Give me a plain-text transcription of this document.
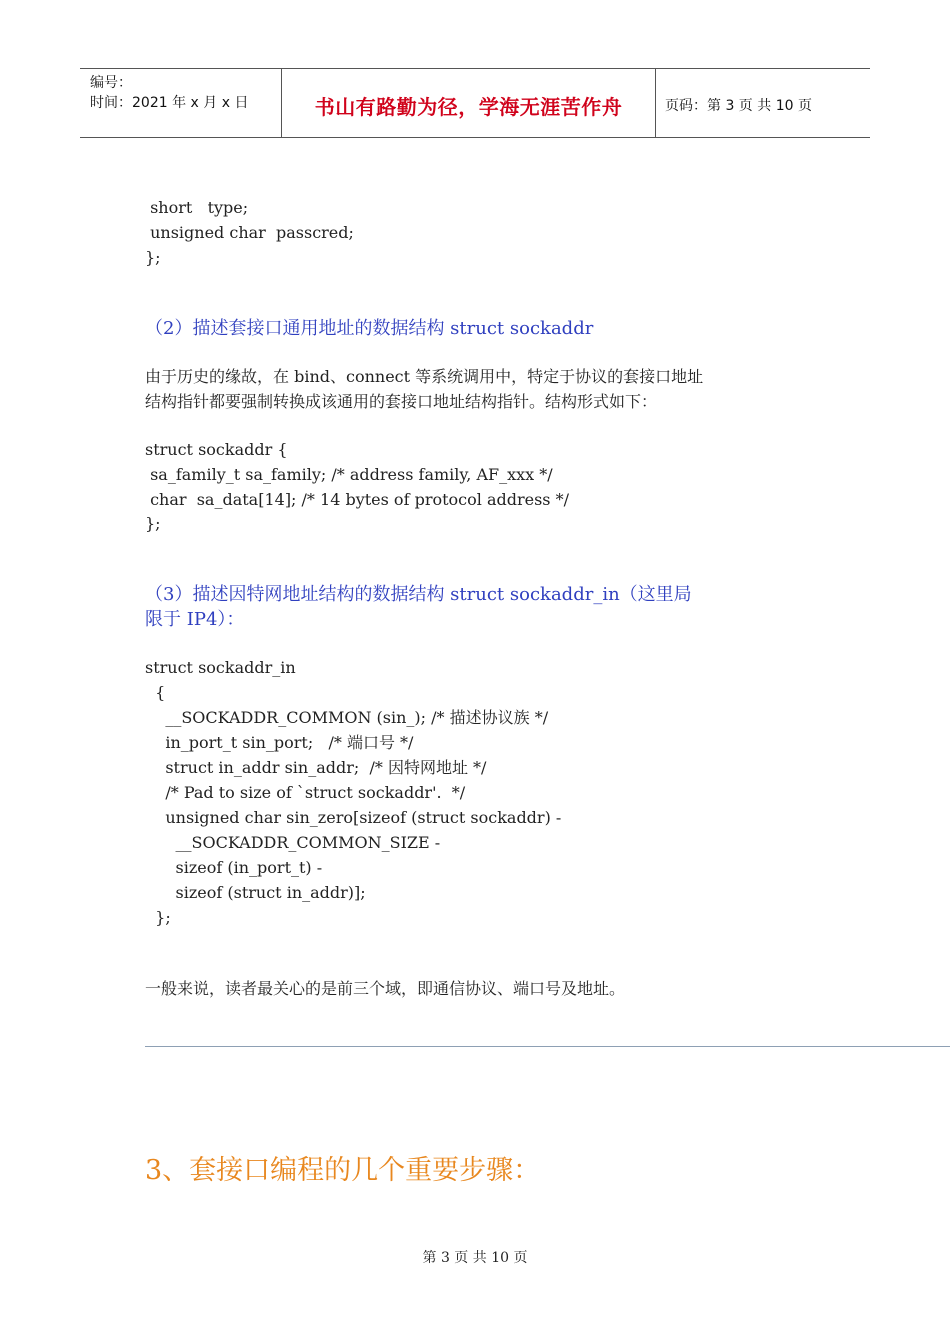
编号：
时间：2021 年 x 月 x 日	书山有路勤为径，学海无涯苦作舟	页码：第 3 页 共 10 页
short   type;
unsigned char  passcred;
};
（2）描述套接口通用地址的数据结构 struct sockaddr
由于历史的缘故，在 bind、connect 等系统调用中，特定于协议的套接口地址
结构指针都要强制转换成该通用的套接口地址结构指针。结构形式如下：
struct sockaddr {
sa_family_t sa_family; /* address family, AF_xxx */
char  sa_data[14]; /* 14 bytes of protocol address */
};
（3）描述因特网地址结构的数据结构 struct sockaddr_in（这里局
限于 IP4）：
struct sockaddr_in
{
__SOCKADDR_COMMON (sin_); /* 描述协议族 */
in_port_t sin_port;   /* 端口号 */
struct in_addr sin_addr;  /* 因特网地址 */
/* Pad to size of `struct sockaddr'.  */
unsigned char sin_zero[sizeof (struct sockaddr) -
__SOCKADDR_COMMON_SIZE -
sizeof (in_port_t) -
sizeof (struct in_addr)];
};
一般来说，读者最关心的是前三个域，即通信协议、端口号及地址。
3、套接口编程的几个重要步骤：
第 3 页 共 10 页
